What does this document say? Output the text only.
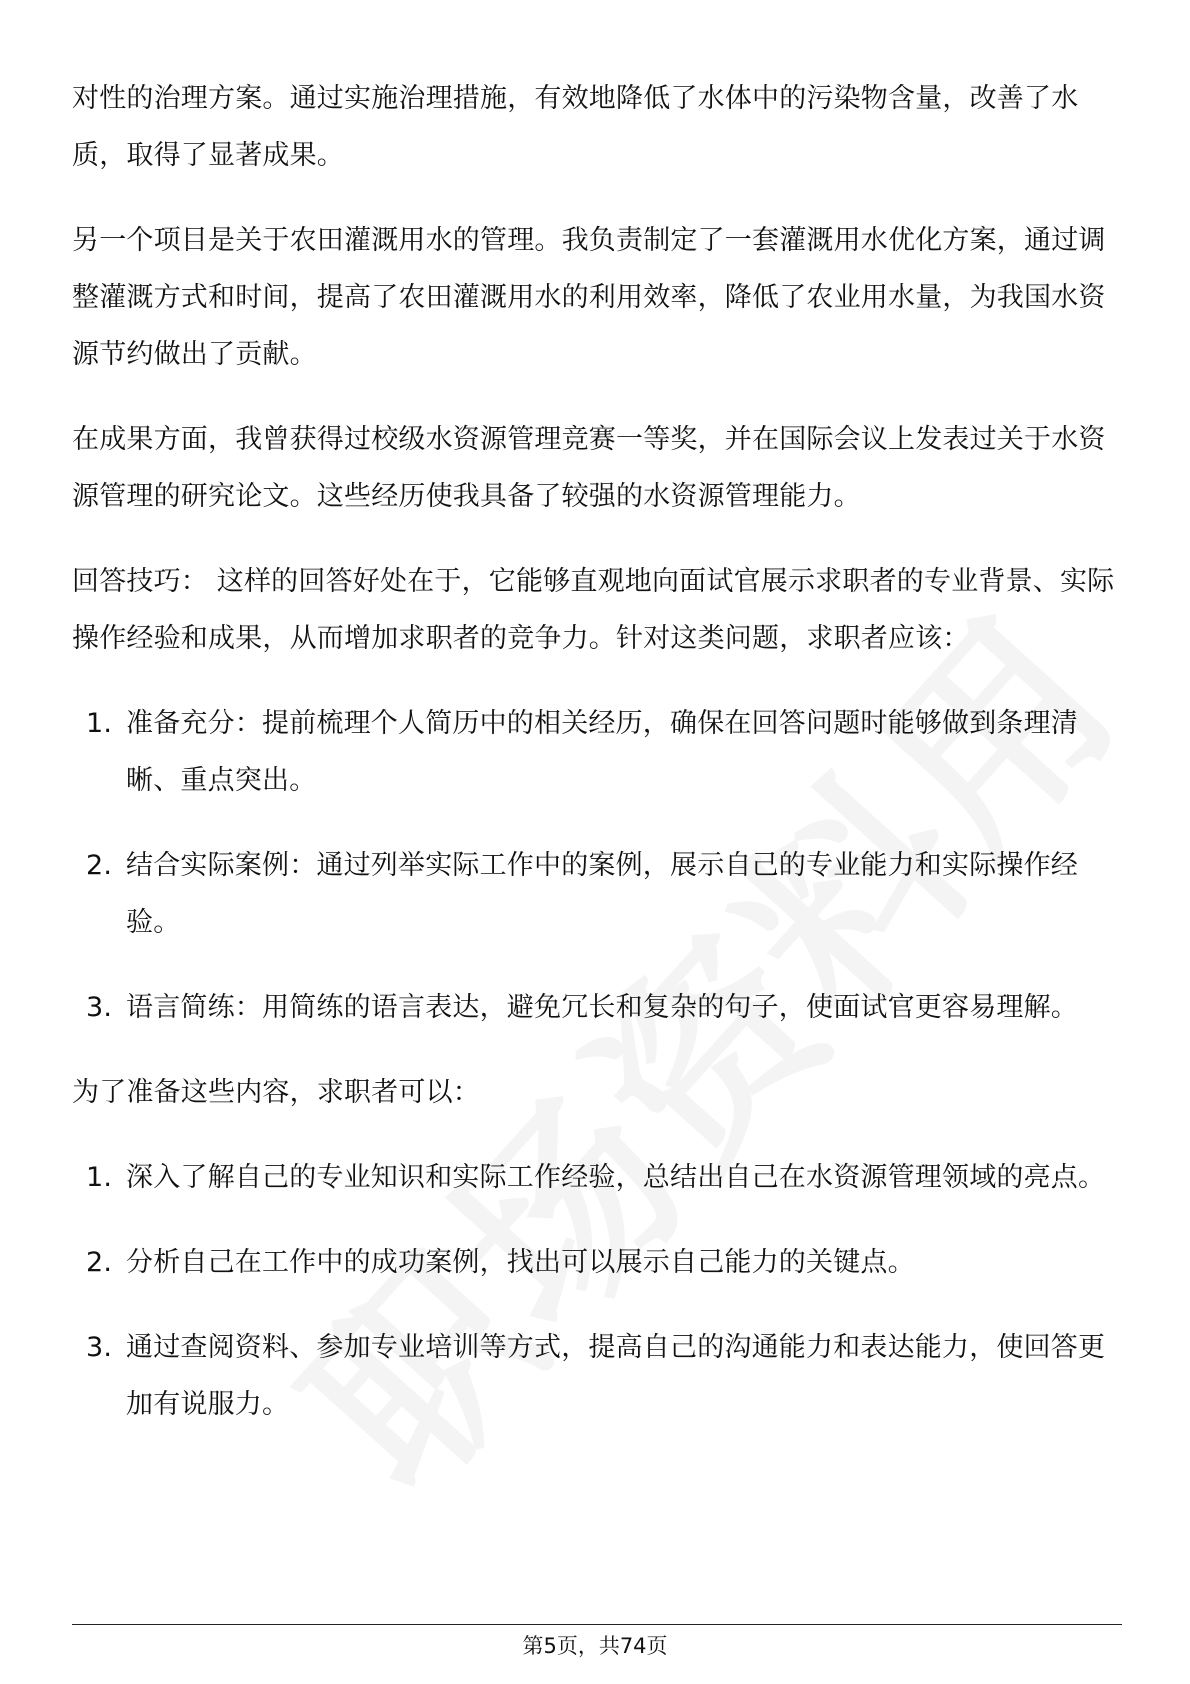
对性的治理方案。通过实施治理措施，有效地降低了水体中的污染物含量，改善了水质，取得了显著成果。

另一个项目是关于农田灌溉用水的管理。我负责制定了一套灌溉用水优化方案，通过调整灌溉方式和时间，提高了农田灌溉用水的利用效率，降低了农业用水量，为我国水资源节约做出了贡献。

在成果方面，我曾获得过校级水资源管理竞赛一等奖，并在国际会议上发表过关于水资源管理的研究论文。这些经历使我具备了较强的水资源管理能力。

回答技巧： 这样的回答好处在于，它能够直观地向面试官展示求职者的专业背景、实际操作经验和成果，从而增加求职者的竞争力。针对这类问题，求职者应该：

1. 准备充分：提前梳理个人简历中的相关经历，确保在回答问题时能够做到条理清晰、重点突出。
2. 结合实际案例：通过列举实际工作中的案例，展示自己的专业能力和实际操作经验。
3. 语言简练：用简练的语言表达，避免冗长和复杂的句子，使面试官更容易理解。

为了准备这些内容，求职者可以：

1. 深入了解自己的专业知识和实际工作经验，总结出自己在水资源管理领域的亮点。
2. 分析自己在工作中的成功案例，找出可以展示自己能力的关键点。
3. 通过查阅资料、参加专业培训等方式，提高自己的沟通能力和表达能力，使回答更加有说服力。
第5页，共74页
